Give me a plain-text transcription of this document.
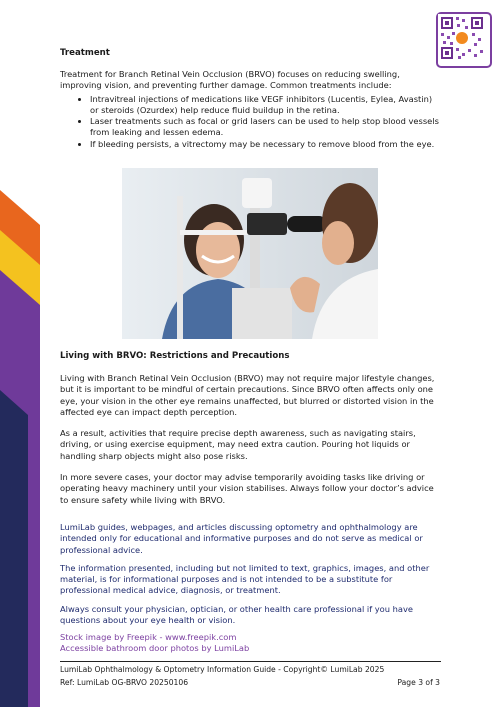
Treatment

Treatment for Branch Retinal Vein Occlusion (BRVO) focuses on reducing swelling, improving vision, and preventing further damage. Common treatments include:

• Intravitreal injections of medications like VEGF inhibitors (Lucentis, Eylea, Avastin) or steroids (Ozurdex) help reduce fluid buildup in the retina.
• Laser treatments such as focal or grid lasers can be used to help stop blood vessels from leaking and lessen edema.
• If bleeding persists, a vitrectomy may be necessary to remove blood from the eye.
Living with BRVO: Restrictions and Precautions

Living with Branch Retinal Vein Occlusion (BRVO) may not require major lifestyle changes, but it is important to be mindful of certain precautions. Since BRVO often affects only one eye, your vision in the other eye remains unaffected, but blurred or distorted vision in the affected eye can impact depth perception.

As a result, activities that require precise depth awareness, such as navigating stairs, driving, or using exercise equipment, may need extra caution. Pouring hot liquids or handling sharp objects might also pose risks.

In more severe cases, your doctor may advise temporarily avoiding tasks like driving or operating heavy machinery until your vision stabilises. Always follow your doctor’s advice to ensure safety while living with BRVO.

LumiLab guides, webpages, and articles discussing optometry and ophthalmology are intended only for educational and informative purposes and do not serve as medical or professional advice.

The information presented, including but not limited to text, graphics, images, and other material, is for informational purposes and is not intended to be a substitute for professional medical advice, diagnosis, or treatment.

Always consult your physician, optician, or other health care professional if you have questions about your eye health or vision.

Stock image by Freepik - www.freepik.com
Accessible bathroom door photos by LumiLab
LumiLab Ophthalmology & Optometry Information Guide - Copyright© LumiLab 2025
Ref: LumiLab OG-BRVO 20250106	Page 3 of 3
